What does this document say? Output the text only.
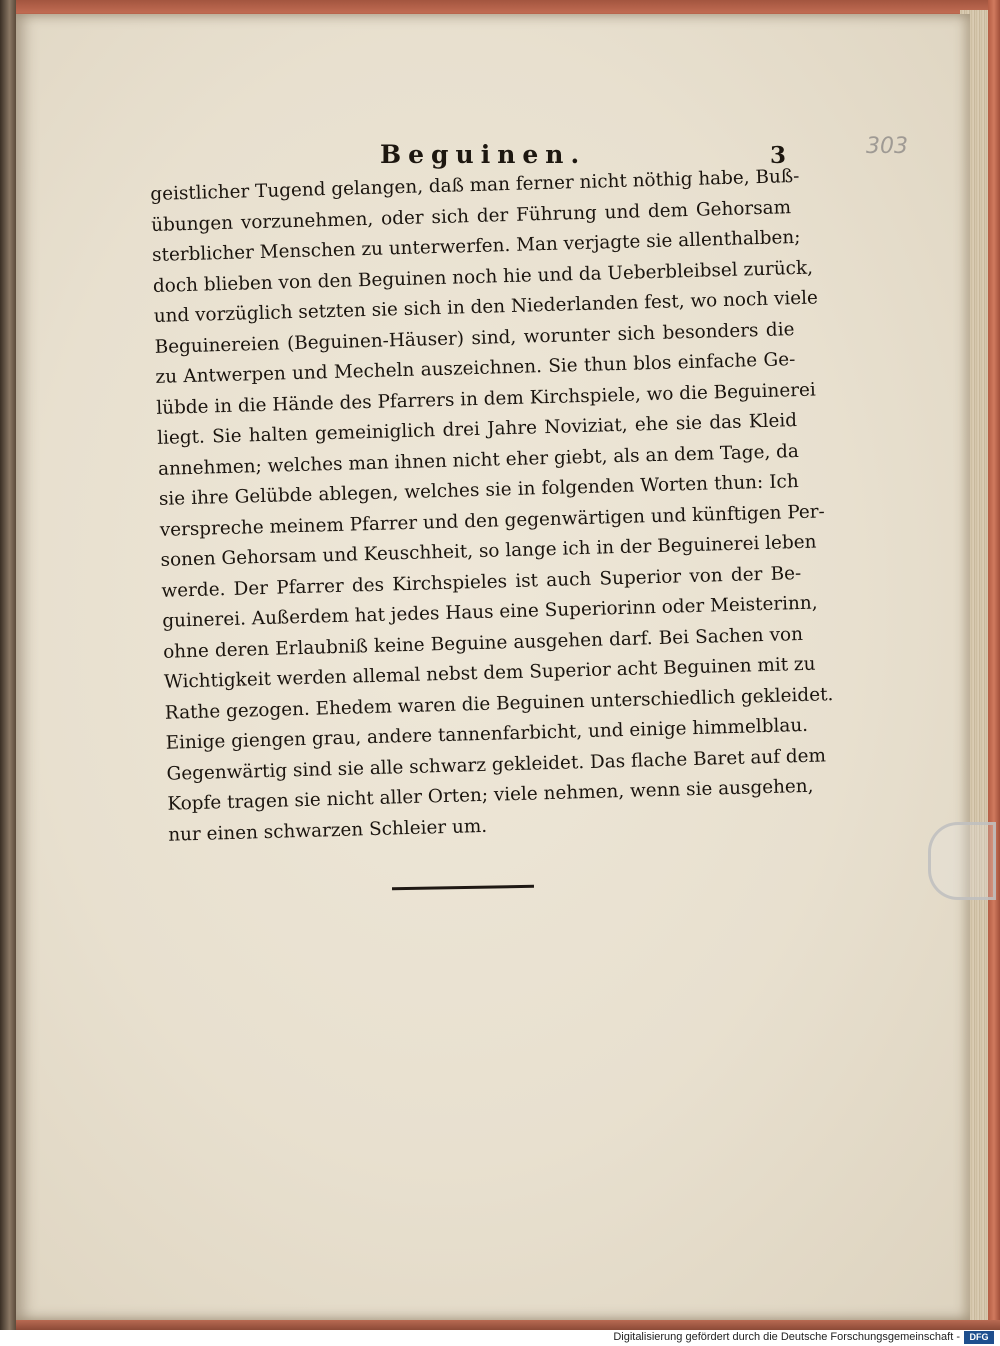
Beguinen.	3	303
geistlicher Tugend gelangen, daß man ferner nicht nöthig habe, Buß-
übungen vorzunehmen, oder sich der Führung und dem Gehorsam
sterblicher Menschen zu unterwerfen. Man verjagte sie allenthalben;
doch blieben von den Beguinen noch hie und da Ueberbleibsel zurück,
und vorzüglich setzten sie sich in den Niederlanden fest, wo noch viele
Beguinereien (Beguinen-Häuser) sind, worunter sich besonders die
zu Antwerpen und Mecheln auszeichnen. Sie thun blos einfache Ge-
lübde in die Hände des Pfarrers in dem Kirchspiele, wo die Beguinerei
liegt. Sie halten gemeiniglich drei Jahre Noviziat, ehe sie das Kleid
annehmen; welches man ihnen nicht eher giebt, als an dem Tage, da
sie ihre Gelübde ablegen, welches sie in folgenden Worten thun: Ich
verspreche meinem Pfarrer und den gegenwärtigen und künftigen Per-
sonen Gehorsam und Keuschheit, so lange ich in der Beguinerei leben
werde. Der Pfarrer des Kirchspieles ist auch Superior von der Be-
guinerei. Außerdem hat jedes Haus eine Superiorinn oder Meisterinn,
ohne deren Erlaubniß keine Beguine ausgehen darf. Bei Sachen von
Wichtigkeit werden allemal nebst dem Superior acht Beguinen mit zu
Rathe gezogen. Ehedem waren die Beguinen unterschiedlich gekleidet.
Einige giengen grau, andere tannenfarbicht, und einige himmelblau.
Gegenwärtig sind sie alle schwarz gekleidet. Das flache Baret auf dem
Kopfe tragen sie nicht aller Orten; viele nehmen, wenn sie ausgehen,
nur einen schwarzen Schleier um.
Digitalisierung gefördert durch die Deutsche Forschungsgemeinschaft -	DFG
